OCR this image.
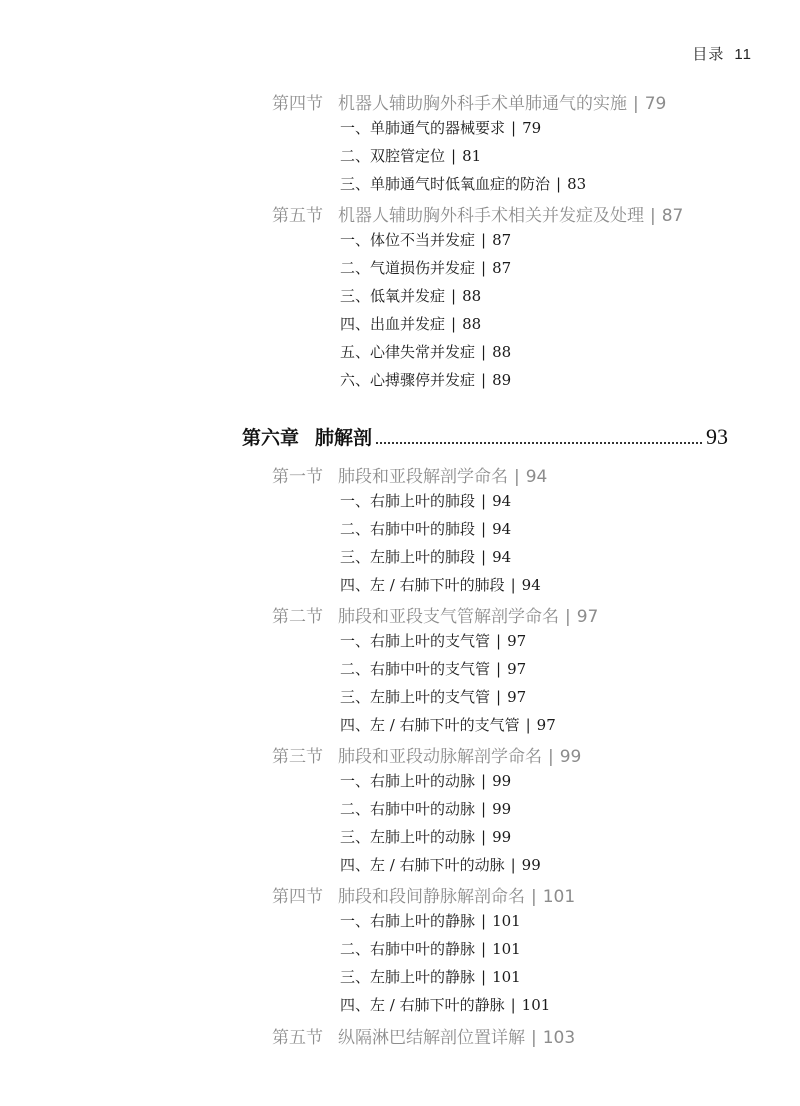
目录 11
第四节 机器人辅助胸外科手术单肺通气的实施 | 79
一、单肺通气的器械要求 | 79
二、双腔管定位 | 81
三、单肺通气时低氧血症的防治 | 83
第五节 机器人辅助胸外科手术相关并发症及处理 | 87
一、体位不当并发症 | 87
二、气道损伤并发症 | 87
三、低氧并发症 | 88
四、出血并发症 | 88
五、心律失常并发症 | 88
六、心搏骤停并发症 | 89
第六章 肺解剖	93
第一节 肺段和亚段解剖学命名 | 94
一、右肺上叶的肺段 | 94
二、右肺中叶的肺段 | 94
三、左肺上叶的肺段 | 94
四、左 / 右肺下叶的肺段 | 94
第二节 肺段和亚段支气管解剖学命名 | 97
一、右肺上叶的支气管 | 97
二、右肺中叶的支气管 | 97
三、左肺上叶的支气管 | 97
四、左 / 右肺下叶的支气管 | 97
第三节 肺段和亚段动脉解剖学命名 | 99
一、右肺上叶的动脉 | 99
二、右肺中叶的动脉 | 99
三、左肺上叶的动脉 | 99
四、左 / 右肺下叶的动脉 | 99
第四节 肺段和段间静脉解剖命名 | 101
一、右肺上叶的静脉 | 101
二、右肺中叶的静脉 | 101
三、左肺上叶的静脉 | 101
四、左 / 右肺下叶的静脉 | 101
第五节 纵隔淋巴结解剖位置详解 | 103
